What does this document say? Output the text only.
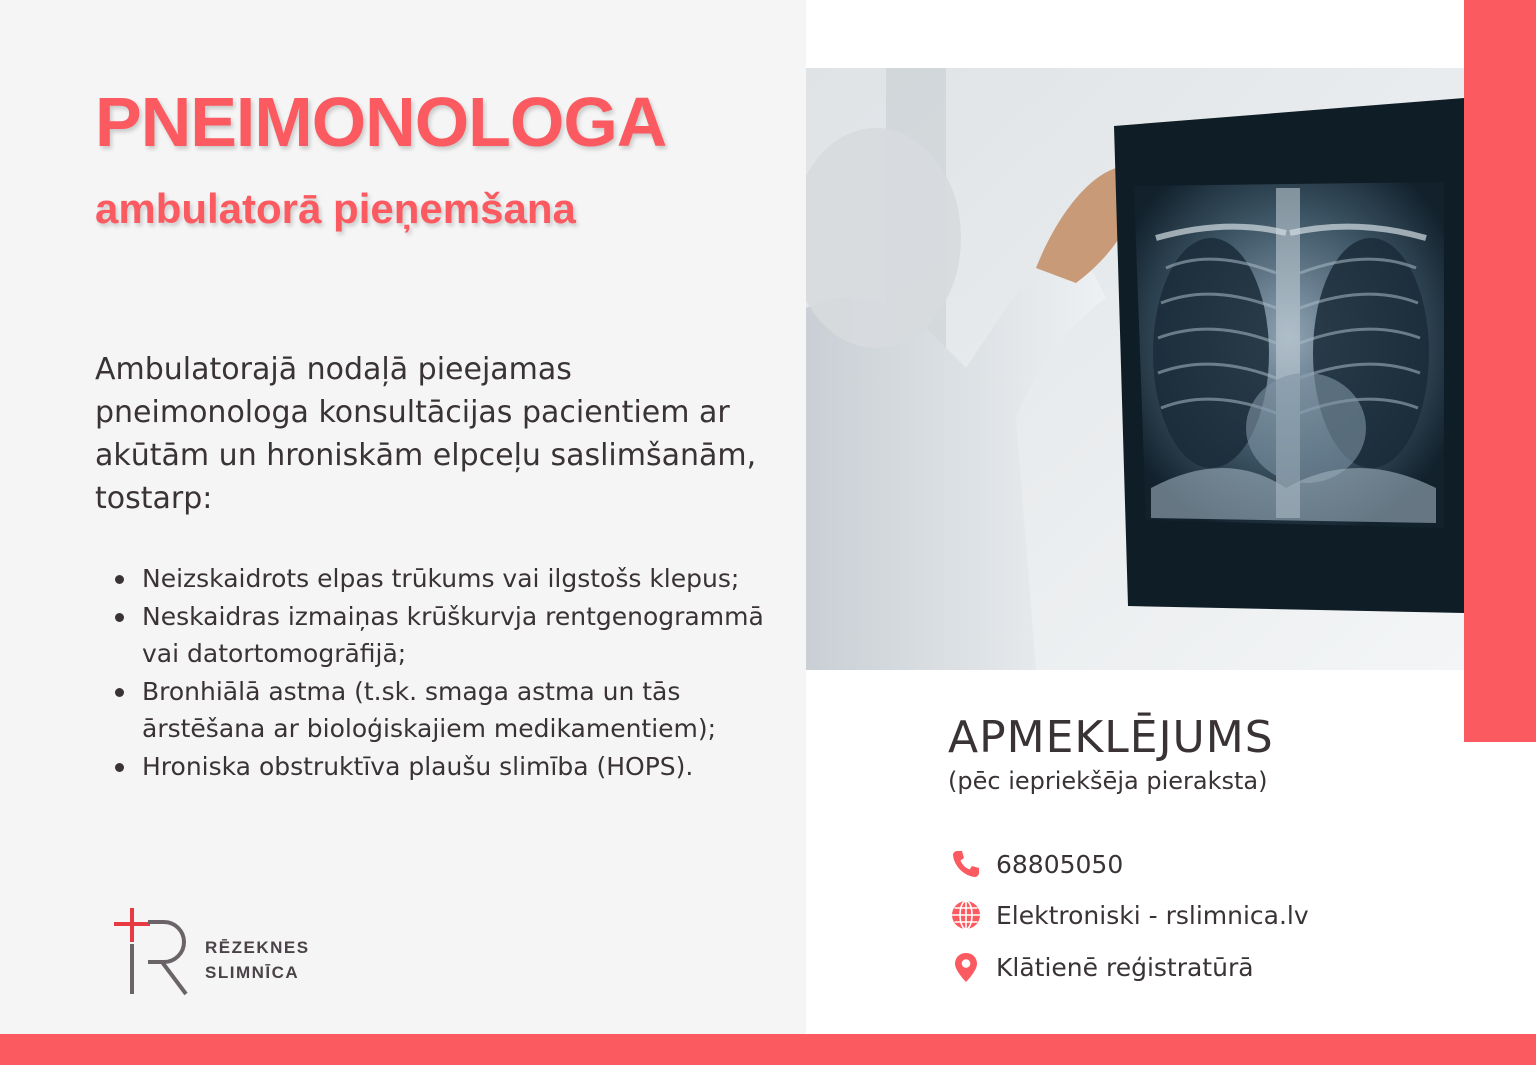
PNEIMONOLOGA
ambulatorā pieņemšana

Ambulatorajā nodaļā pieejamas pneimonologa konsultācijas pacientiem ar akūtām un hroniskām elpceļu saslimšanām, tostarp:

Neizskaidrots elpas trūkums vai ilgstošs klepus;
Neskaidras izmaiņas krūškurvja rentgenogrammā vai datortomogrāfijā;
Bronhiālā astma (t.sk. smaga astma un tās ārstēšana ar bioloģiskajiem medikamentiem);
Hroniska obstruktīva plaušu slimība (HOPS).

RĒZEKNES
SLIMNĪCA

APMEKLĒJUMS

(pēc iepriekšēja pieraksta)

68805050
Elektroniski - rslimnica.lv
Klātienē reģistratūrā
